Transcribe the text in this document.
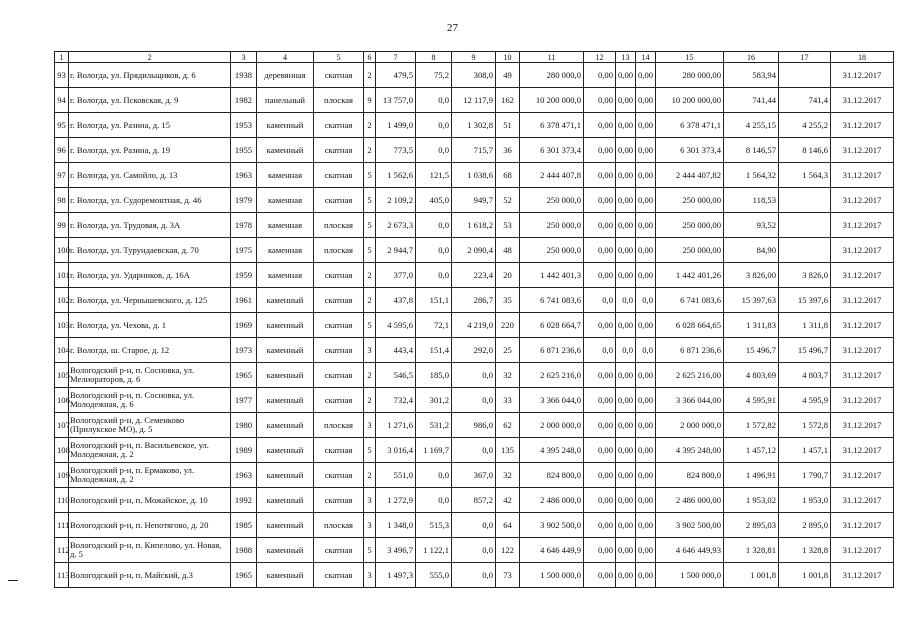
27
1	2	3	4	5	6	7	8	9	10	11	12	13	14	15	16	17	18
93	г. Вологда, ул. Прядильщиков, д. 6	1938	деревянная	скатная	2	479,5	75,2	308,0	49	280 000,0	0,00	0,00	0,00	280 000,00	583,94		31.12.2017
94	г. Вологда, ул. Псковская, д. 9	1982	панельный	плоская	9	13 757,0	0,0	12 117,9	162	10 200 000,0	0,00	0,00	0,00	10 200 000,00	741,44	741,4	31.12.2017
95	г. Вологда, ул. Разина, д. 15	1953	каменный	скатная	2	1 499,0	0,0	1 302,8	51	6 378 471,1	0,00	0,00	0,00	6 378 471,1	4 255,15	4 255,2	31.12.2017
96	г. Вологда, ул. Разина, д. 19	1955	каменный	скатная	2	773,5	0,0	715,7	36	6 301 373,4	0,00	0,00	0,00	6 301 373,4	8 146,57	8 146,6	31.12.2017
97	г. Вологда, ул. Самойло, д. 13	1963	каменная	скатная	5	1 562,6	121,5	1 038,6	68	2 444 407,8	0,00	0,00	0,00	2 444 407,82	1 564,32	1 564,3	31.12.2017
98	г. Вологда, ул. Судоремонтная, д. 46	1979	каменная	скатная	5	2 109,2	405,0	949,7	52	250 000,0	0,00	0,00	0,00	250 000,00	118,53		31.12.2017
99	г. Вологда, ул. Трудовая, д. 3А	1978	каменная	плоская	5	2 673,3	0,0	1 618,2	53	250 000,0	0,00	0,00	0,00	250 000,00	93,52		31.12.2017
100	г. Вологда, ул. Турундаевская, д. 70	1975	каменная	плоская	5	2 944,7	0,0	2 090,4	48	250 000,0	0,00	0,00	0,00	250 000,00	84,90		31.12.2017
101	г. Вологда, ул. Ударников, д. 16А	1959	каменная	скатная	2	377,0	0,0	223,4	20	1 442 401,3	0,00	0,00	0,00	1 442 401,26	3 826,00	3 826,0	31.12.2017
102	г. Вологда, ул. Чернышевского, д. 125	1961	каменный	скатная	2	437,8	151,1	286,7	35	6 741 083,6	0,0	0,0	0,0	6 741 083,6	15 397,63	15 397,6	31.12.2017
103	г. Вологда, ул. Чехова, д. 1	1969	каменный	скатная	5	4 595,6	72,1	4 219,0	220	6 028 664,7	0,00	0,00	0,00	6 028 664,65	1 311,83	1 311,8	31.12.2017
104	г. Вологда, ш. Старое, д. 12	1973	каменный	скатная	3	443,4	151,4	292,0	25	6 871 236,6	0,0	0,0	0,0	6 871 236,6	15 496,7	15 496,7	31.12.2017
105	Вологодский р-н, п. Сосновка, ул. Мелиораторов, д. 6	1965	каменный	скатная	2	546,5	185,0	0,0	32	2 625 216,0	0,00	0,00	0,00	2 625 216,00	4 803,69	4 803,7	31.12.2017
106	Вологодский р-н, п. Сосновка, ул. Молодежная, д. 6	1977	каменный	скатная	2	732,4	301,2	0,0	33	3 366 044,0	0,00	0,00	0,00	3 366 044,00	4 595,91	4 595,9	31.12.2017
107	Вологодский р-н, д. Семенково (Прилукское МО), д. 5	1980	каменный	плоская	3	1 271,6	531,2	986,0	62	2 000 000,0	0,00	0,00	0,00	2 000 000,0	1 572,82	1 572,8	31.12.2017
108	Вологодский р-н, п. Васильевское, ул. Молодежная, д. 2	1989	каменный	скатная	5	3 016,4	1 169,7	0,0	135	4 395 248,0	0,00	0,00	0,00	4 395 248,00	1 457,12	1 457,1	31.12.2017
109	Вологодский р-н, п. Ермаково, ул. Молодежная, д. 2	1963	каменный	скатная	2	551,0	0,0	367,0	32	824 800,0	0,00	0,00	0,00	824 800,0	1 496,91	1 790,7	31.12.2017
110	Вологодский р-н, п. Можайское, д. 10	1992	каменный	скатная	3	1 272,9	0,0	857,2	42	2 486 000,0	0,00	0,00	0,00	2 486 000,00	1 953,02	1 953,0	31.12.2017
111	Вологодский р-н, п. Непотягово, д. 20	1985	каменный	плоская	3	1 348,0	515,3	0,0	64	3 902 500,0	0,00	0,00	0,00	3 902 500,00	2 895,03	2 895,0	31.12.2017
112	Вологодский р-н, п. Кипелово, ул. Новая, д. 5	1988	каменный	скатная	5	3 496,7	1 122,1	0,0	122	4 646 449,9	0,00	0,00	0,00	4 646 449,93	1 328,81	1 328,8	31.12.2017
113	Вологодский р-н, п. Майский, д.3	1965	каменный	скатная	3	1 497,3	555,0	0,0	73	1 500 000,0	0,00	0,00	0,00	1 500 000,0	1 001,8	1 001,8	31.12.2017
